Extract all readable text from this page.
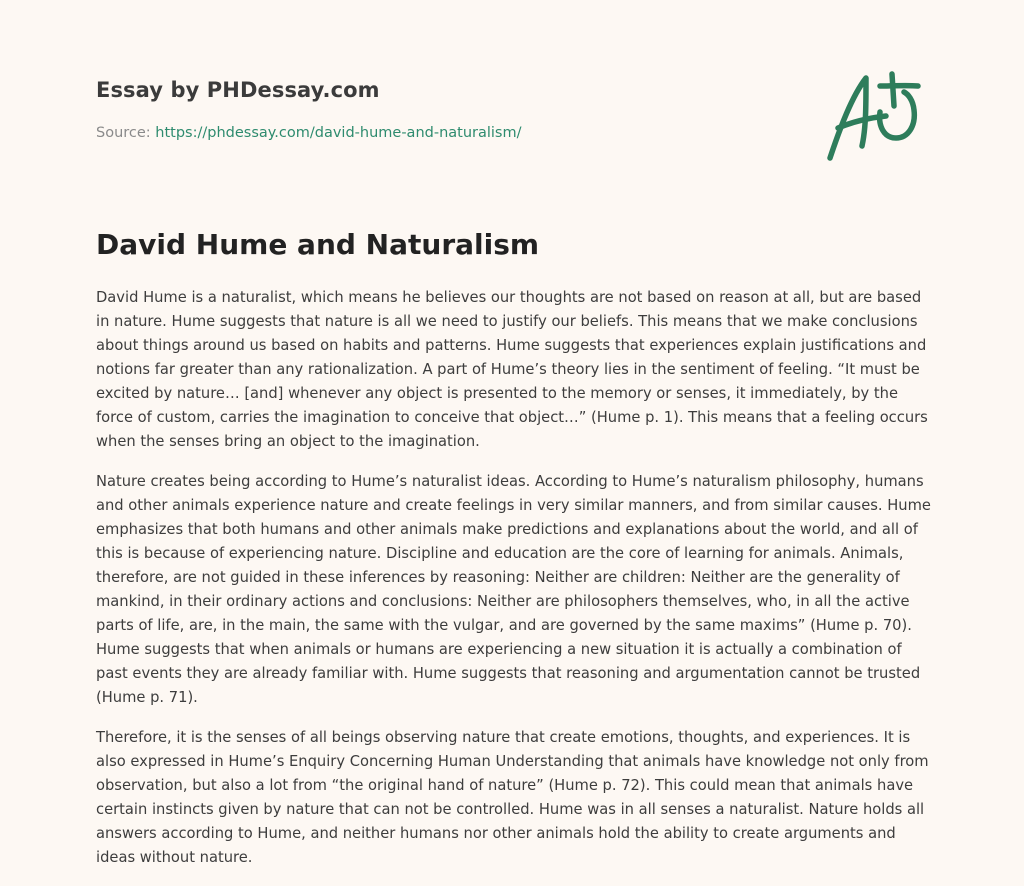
Essay by PHDessay.com
Source: https://phdessay.com/david-hume-and-naturalism/
David Hume and Naturalism

David Hume is a naturalist, which means he believes our thoughts are not based on reason at all, but are based in nature. Hume suggests that nature is all we need to justify our beliefs. This means that we make conclusions about things around us based on habits and patterns. Hume suggests that experiences explain justifications and notions far greater than any rationalization. A part of Hume’s theory lies in the sentiment of feeling. “It must be excited by nature… [and] whenever any object is presented to the memory or senses, it immediately, by the force of custom, carries the imagination to conceive that object…” (Hume p. 1). This means that a feeling occurs when the senses bring an object to the imagination.

Nature creates being according to Hume’s naturalist ideas. According to Hume’s naturalism philosophy, humans and other animals experience nature and create feelings in very similar manners, and from similar causes. Hume emphasizes that both humans and other animals make predictions and explanations about the world, and all of this is because of experiencing nature. Discipline and education are the core of learning for animals. Animals, therefore, are not guided in these inferences by reasoning: Neither are children: Neither are the generality of mankind, in their ordinary actions and conclusions: Neither are philosophers themselves, who, in all the active parts of life, are, in the main, the same with the vulgar, and are governed by the same maxims” (Hume p. 70). Hume suggests that when animals or humans are experiencing a new situation it is actually a combination of past events they are already familiar with. Hume suggests that reasoning and argumentation cannot be trusted (Hume p. 71).

Therefore, it is the senses of all beings observing nature that create emotions, thoughts, and experiences. It is also expressed in Hume’s Enquiry Concerning Human Understanding that animals have knowledge not only from observation, but also a lot from “the original hand of nature” (Hume p. 72). This could mean that animals have certain instincts given by nature that can not be controlled. Hume was in all senses a naturalist. Nature holds all answers according to Hume, and neither humans nor other animals hold the ability to create arguments and ideas without nature.
